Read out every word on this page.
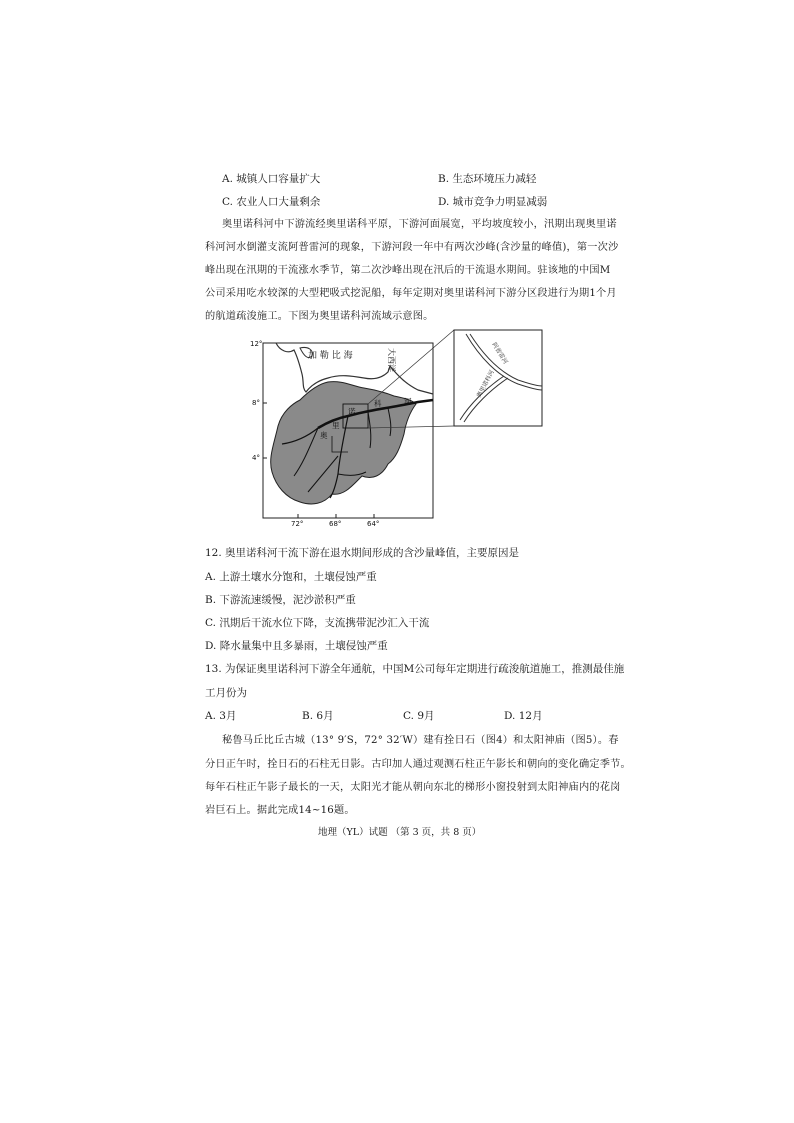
A. 城镇人口容量扩大	B. 生态环境压力减轻
C. 农业人口大量剩余	D. 城市竞争力明显减弱
奥里诺科河中下游流经奥里诺科平原，下游河面展宽，平均坡度较小，汛期出现奥里诺
科河河水倒灌支流阿普雷河的现象，下游河段一年中有两次沙峰(含沙量的峰值)，第一次沙
峰出现在汛期的干流涨水季节，第二次沙峰出现在汛后的干流退水期间。驻该地的中国M
公司采用吃水较深的大型耙吸式挖泥船，每年定期对奥里诺科河下游分区段进行为期1个月
的航道疏浚施工。下图为奥里诺科河流域示意图。
阿普雷河
奥里诺科河
加 勒 比 海	大西洋
诺
科	河
里
奥
12°
8°
4°
72°	68°	64°
12. 奥里诺科河干流下游在退水期间形成的含沙量峰值，主要原因是
A. 上游土壤水分饱和，土壤侵蚀严重
B. 下游流速缓慢，泥沙淤积严重
C. 汛期后干流水位下降，支流携带泥沙汇入干流
D. 降水量集中且多暴雨，土壤侵蚀严重
13. 为保证奥里诺科河下游全年通航，中国M公司每年定期进行疏浚航道施工，推测最佳施
工月份为
A. 3月	B. 6月	C. 9月	D. 12月
秘鲁马丘比丘古城（13° 9′S，72° 32′W）建有拴日石（图4）和太阳神庙（图5）。春
分日正午时，拴日石的石柱无日影。古印加人通过观测石柱正午影长和朝向的变化确定季节。
每年石柱正午影子最长的一天，太阳光才能从朝向东北的梯形小窗投射到太阳神庙内的花岗
岩巨石上。据此完成14~16题。
地理（YL）试题 （第 3 页，共 8 页）
